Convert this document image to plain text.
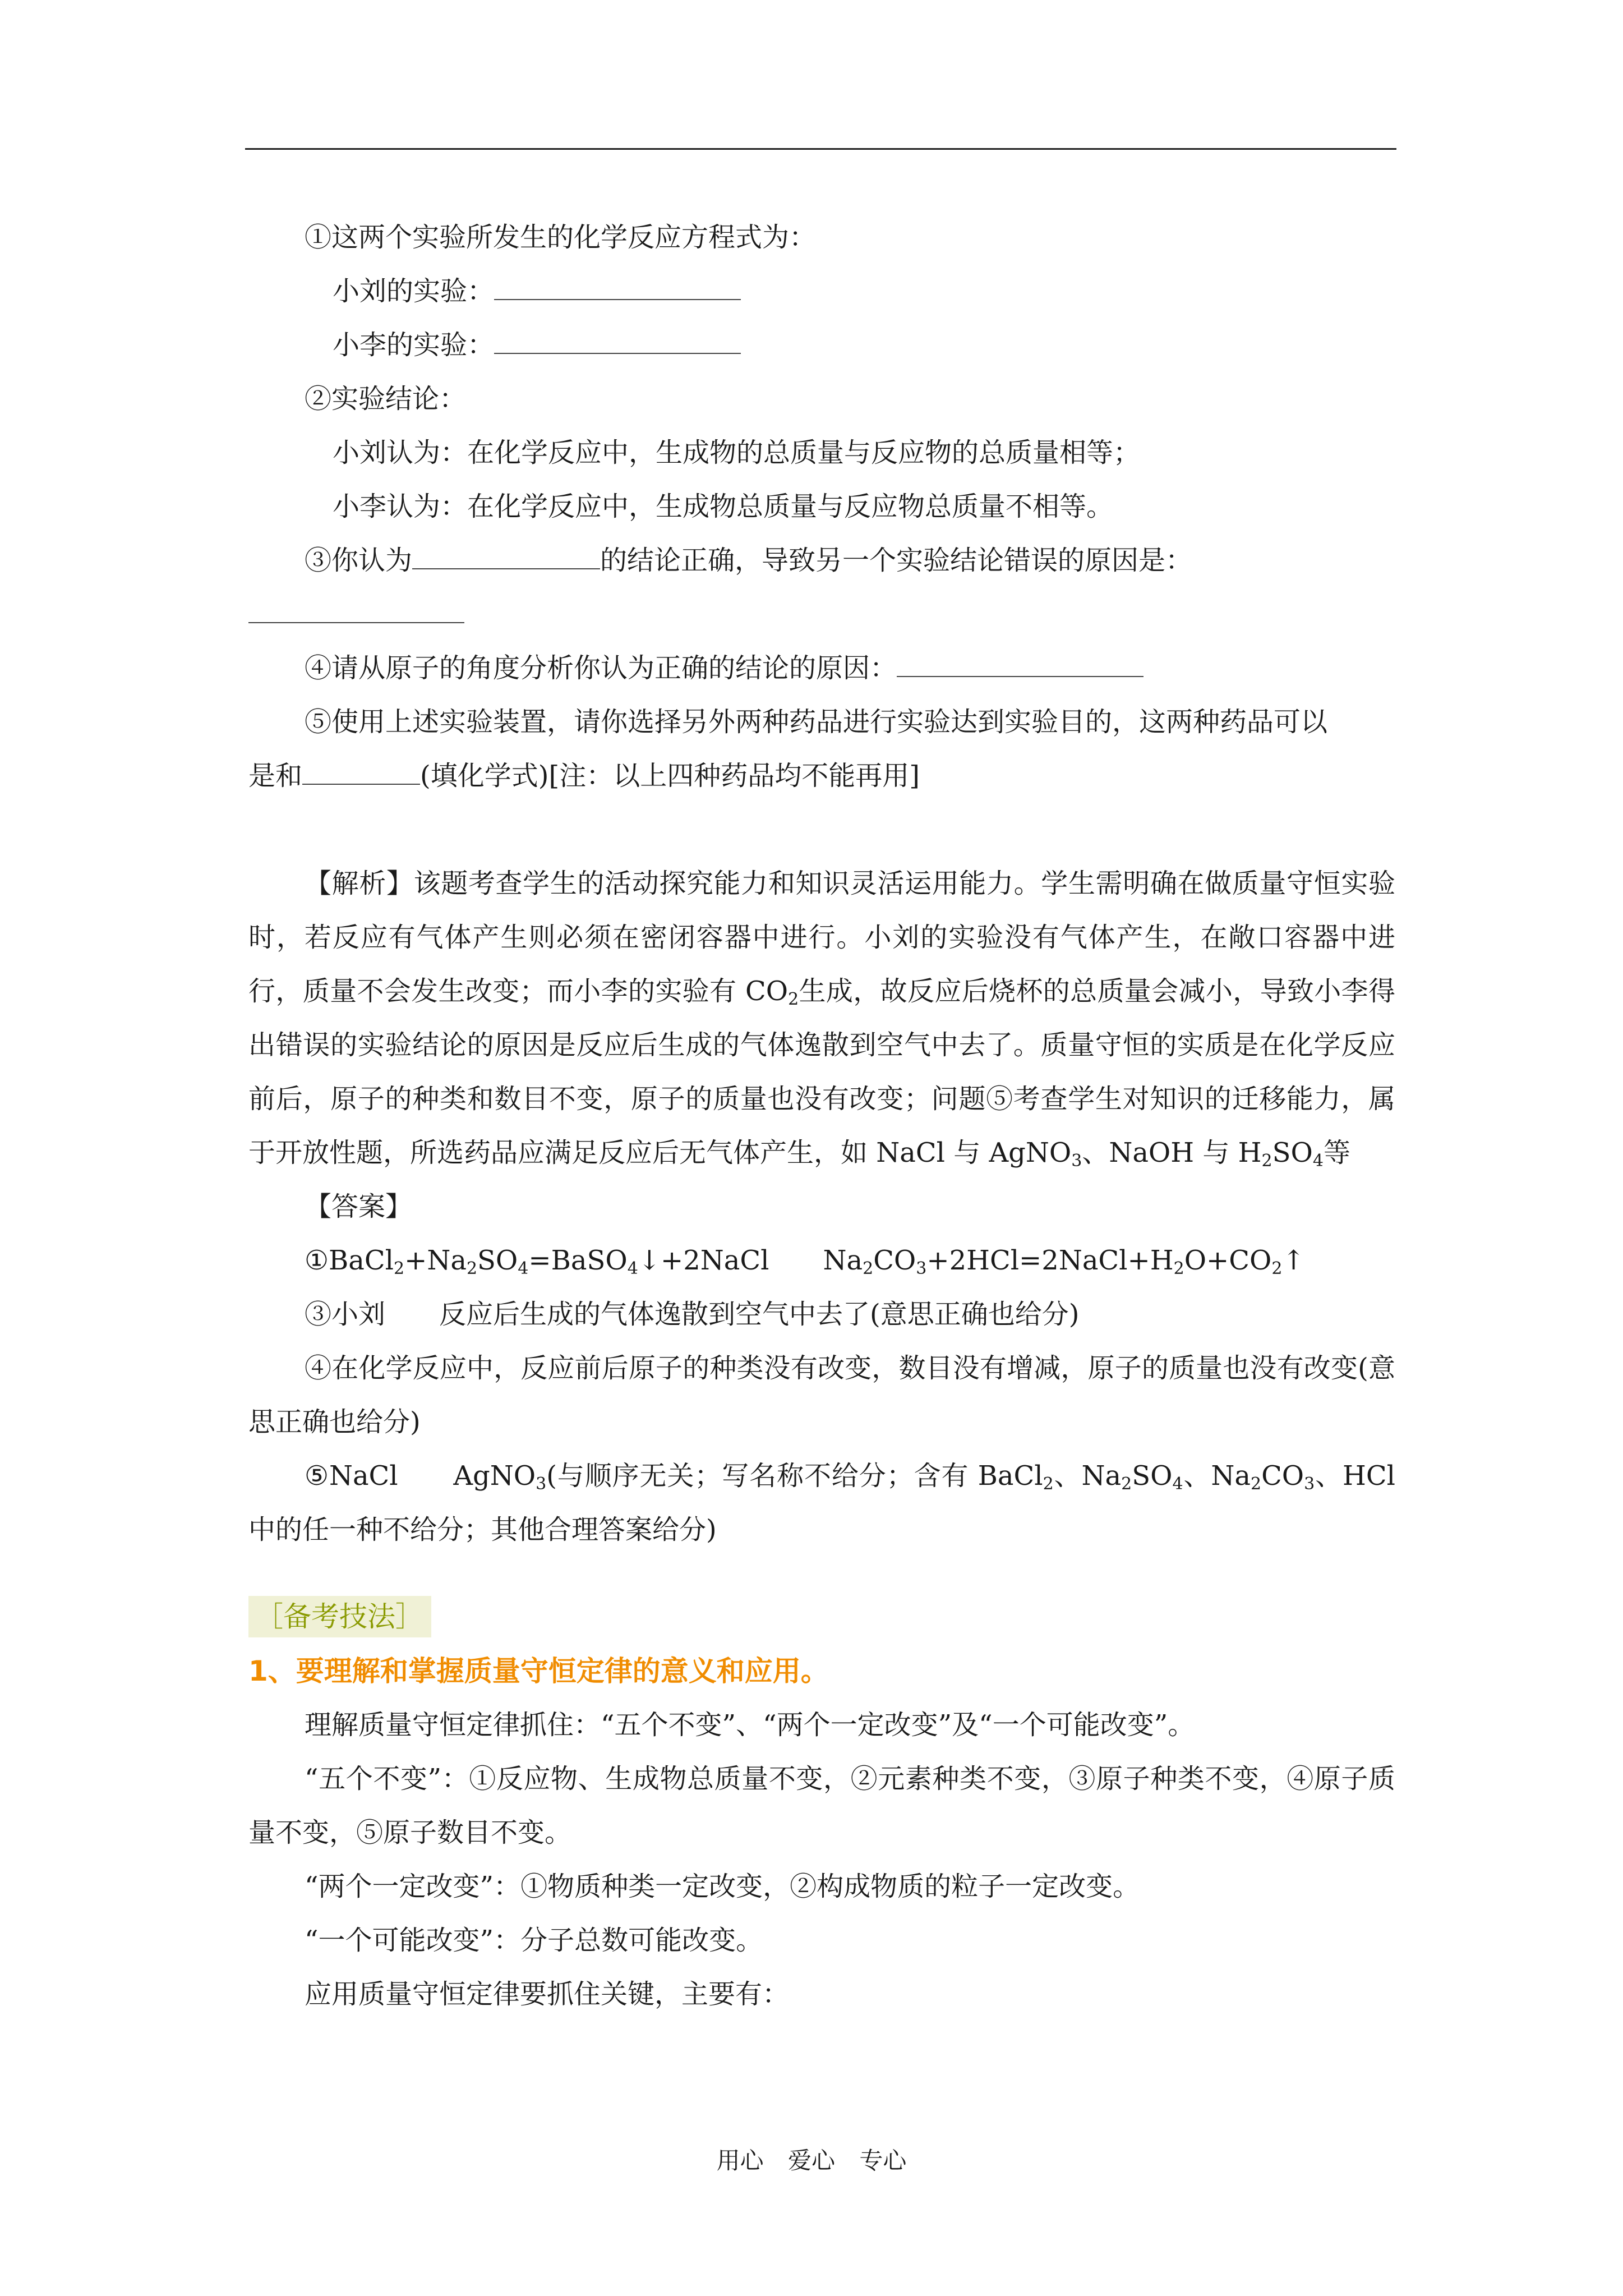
①这两个实验所发生的化学反应方程式为：

小刘的实验：

小李的实验：

②实验结论：

小刘认为：在化学反应中，生成物的总质量与反应物的总质量相等；

小李认为：在化学反应中，生成物总质量与反应物总质量不相等。

③你认为	的结论正确，导致另一个实验结论错误的原因是：

④请从原子的角度分析你认为正确的结论的原因：

⑤使用上述实验装置，请你选择另外两种药品进行实验达到实验目的，这两种药品可以

是和	(填化学式)[注：以上四种药品均不能再用]

【解析】该题考查学生的活动探究能力和知识灵活运用能力。学生需明确在做质量守恒实验时，若反应有气体产生则必须在密闭容器中进行。小刘的实验没有气体产生，在敞口容器中进行，质量不会发生改变；而小李的实验有 $CO_2$生成，故反应后烧杯的总质量会减小，导致小李得出错误的实验结论的原因是反应后生成的气体逸散到空气中去了。质量守恒的实质是在化学反应前后，原子的种类和数目不变，原子的质量也没有改变；问题⑤考查学生对知识的迁移能力，属于开放性题，所选药品应满足反应后无气体产生，如 NaCl 与 AgNO$_3$、NaOH 与 $H_2SO_4$等

【答案】

$①BaCl_2+Na_2SO_4=BaSO_4↓+2NaCl$　　$Na_2CO_3+2HCl=2NaCl+H_2O+CO_2↑$

③小刘　　反应后生成的气体逸散到空气中去了(意思正确也给分)

④在化学反应中，反应前后原子的种类没有改变，数目没有增减，原子的质量也没有改变(意思正确也给分)

⑤NaCl　　AgNO$_3$(与顺序无关；写名称不给分；含有 BaCl$_2$、$Na_2SO_4$、$Na_2CO_3$、HCl 中的任一种不给分；其他合理答案给分)

［备考技法］

1、要理解和掌握质量守恒定律的意义和应用。

理解质量守恒定律抓住：“五个不变”、“两个一定改变”及“一个可能改变”。

“五个不变”：①反应物、生成物总质量不变，②元素种类不变，③原子种类不变，④原子质量不变，⑤原子数目不变。

“两个一定改变”：①物质种类一定改变，②构成物质的粒子一定改变。

“一个可能改变”：分子总数可能改变。

应用质量守恒定律要抓住关键，主要有：

用心 爱心 专心
